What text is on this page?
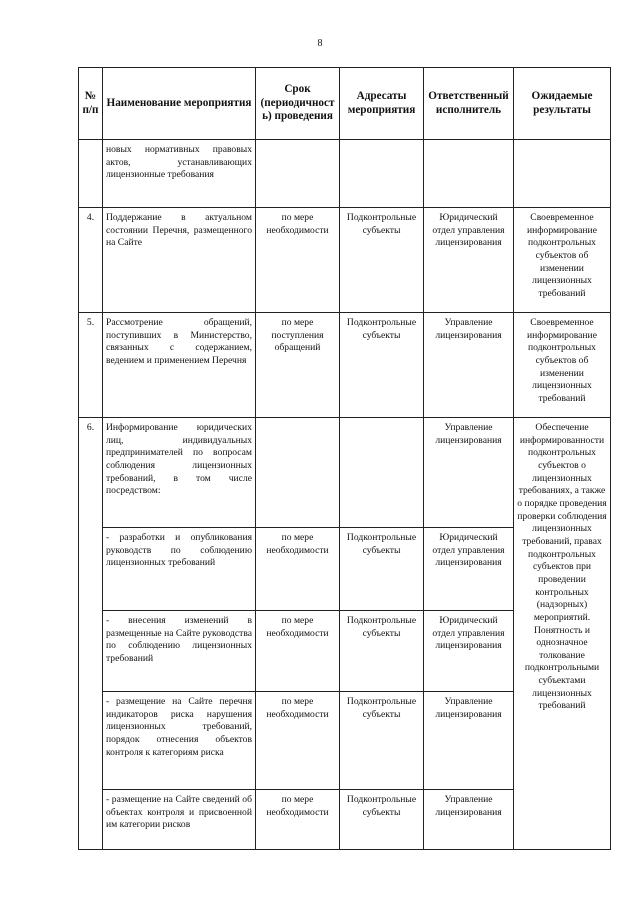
8
№ п/п	Наименование мероприятия	Срок (периодичность) проведения	Адресаты мероприятия	Ответственный исполнитель	Ожидаемые результаты
	новых нормативных правовых актов, устанавливающих лицензионные требования				
4.	Поддержание в актуальном состоянии Перечня, размещенного на Сайте	по мере необходимости	Подконтрольные субъекты	Юридический отдел управления лицензирования	Своевременное информирование подконтрольных субъектов об изменении лицензионных требований
5.	Рассмотрение обращений, поступивших в Министерство, связанных с содержанием, ведением и применением Перечня	по мере поступления обращений	Подконтрольные субъекты	Управление лицензирования	Своевременное информирование подконтрольных субъектов об изменении лицензионных требований
6.	Информирование юридических лиц, индивидуальных предпринимателей по вопросам соблюдения лицензионных требований, в том числе посредством:			Управление лицензирования	Обеспечение информированности подконтрольных субъектов о лицензионных требованиях, а также о порядке проведения проверки соблюдения лицензионных требований, правах подконтрольных субъектов при проведении контрольных (надзорных) мероприятий. Понятность и однозначное толкование подконтрольными субъектами лицензионных требований
	- разработки и опубликования руководств по соблюдению лицензионных требований	по мере необходимости	Подконтрольные субъекты	Юридический отдел управления лицензирования	
	- внесения изменений в размещенные на Сайте руководства по соблюдению лицензионных требований	по мере необходимости	Подконтрольные субъекты	Юридический отдел управления лицензирования	
	- размещение на Сайте перечня индикаторов риска нарушения лицензионных требований, порядок отнесения объектов контроля к категориям риска	по мере необходимости	Подконтрольные субъекты	Управление лицензирования	
	- размещение на Сайте сведений об объектах контроля и присвоенной им категории рисков	по мере необходимости	Подконтрольные субъекты	Управление лицензирования	
